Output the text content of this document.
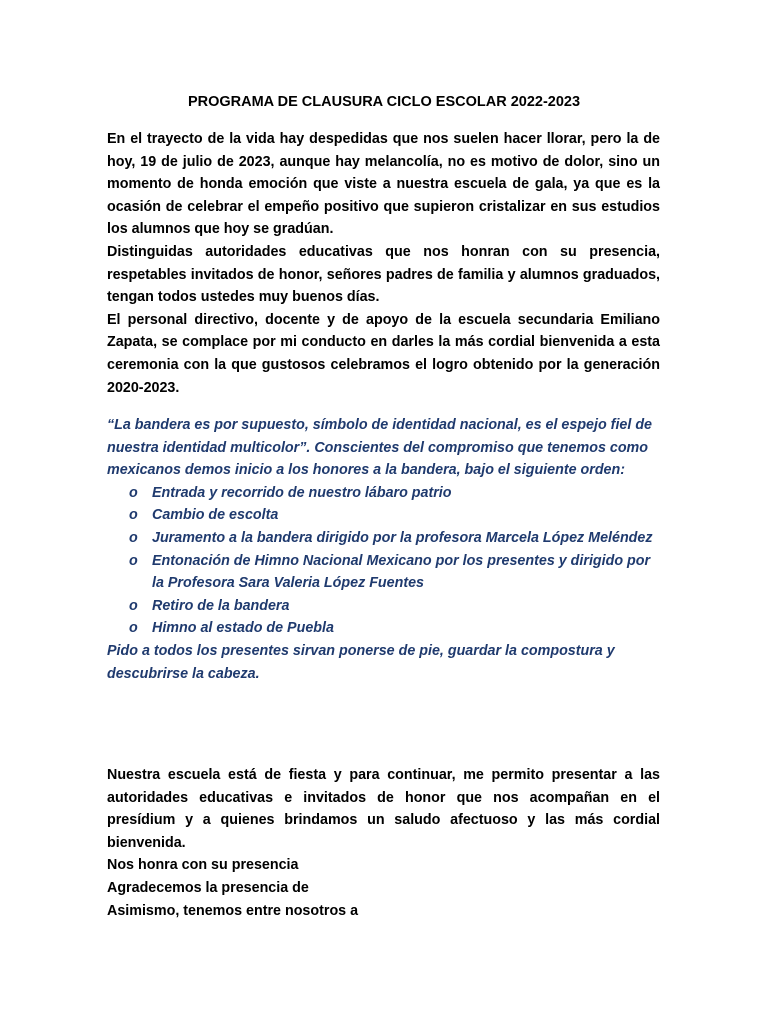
PROGRAMA DE CLAUSURA CICLO ESCOLAR 2022-2023

En el trayecto de la vida hay despedidas que nos suelen hacer llorar, pero la de hoy, 19 de julio de 2023, aunque hay melancolía, no es motivo de dolor, sino un momento de honda emoción que viste a nuestra escuela de gala, ya que es la ocasión de celebrar el empeño positivo que supieron cristalizar en sus estudios los alumnos que hoy se gradúan.

Distinguidas autoridades educativas que nos honran con su presencia, respetables invitados de honor, señores padres de familia y alumnos graduados, tengan todos ustedes muy buenos días.

El personal directivo, docente y de apoyo de la escuela secundaria Emiliano Zapata, se complace por mi conducto en darles la más cordial bienvenida a esta ceremonia con la que gustosos celebramos el logro obtenido por la generación 2020-2023.

“La bandera es por supuesto, símbolo de identidad nacional, es el espejo fiel de nuestra identidad multicolor”. Conscientes del compromiso que tenemos como mexicanos demos inicio a los honores a la bandera, bajo el siguiente orden:

o Entrada y recorrido de nuestro lábaro patrio
o Cambio de escolta
o Juramento a la bandera dirigido por la profesora Marcela López Meléndez
o Entonación de Himno Nacional Mexicano por los presentes y dirigido por la Profesora Sara Valeria López Fuentes
o Retiro de la bandera
o Himno al estado de Puebla

Pido a todos los presentes sirvan ponerse de pie, guardar la compostura y descubrirse la cabeza.

Nuestra escuela está de fiesta y para continuar, me permito presentar a las autoridades educativas e invitados de honor que nos acompañan en el presídium y a quienes brindamos un saludo afectuoso y las más cordial bienvenida.

Nos honra con su presencia

Agradecemos la presencia de

Asimismo, tenemos entre nosotros a
